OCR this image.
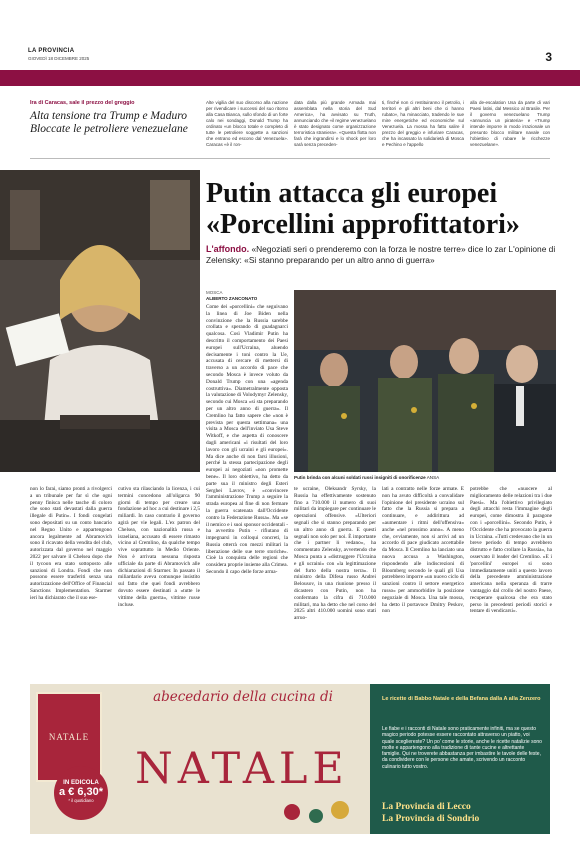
LA PROVINCIA
GIOVEDÌ 18 DICEMBRE 2025	3
Ira di Caracas, sale il prezzo del greggio
Alta tensione tra Trump e Maduro Bloccate le petroliere venezuelane
Alte vigilia del suo discorso alla nazione per rivendicare i successi del suo ritorno alla Casa Bianca, sullo sfondo di un forte calo nei sondaggi, Donald Trump ha ordinato «un blocco totale e completo di tutte le petroliere soggette a sanzioni che entrano ed escono dal Venezuela». Caracas «è il ron-
data dalla più grande Armada mai assemblata nella storia del Sud America», ha avvisato su Truth, annunciando che «il regime venezuelano è stato designato come organizzazione terroristica straniera». «Questa flotta non farà che ingrandirsi e lo shock per loro sarà senza preceden-
ti, finché non ci restituiranno il petrolio, i territori e gli altri beni che ci hanno rubato», ha minacciato, tradendo le sue mire energetiche ed economiche sul Venezuela. La mossa ha fatto salire il prezzo del greggio e infuriare Caracas, che ha incassato la solidarietà di Mosca e Pechino e l'appello
alla de-escalation Usa da parte di vari Paesi latini, dal Messico al Brasile. Per il governo venezuelano Trump «annuncia un pirateria» e «Trump intende imporre in modo irrazionale un presunto blocco militare navale con l'obiettivo di rubare le ricchezze venezuelane».
Putin attacca gli europei «Porcellini approfittatori»
L'affondo. «Negoziati seri o prenderemo con la forza le nostre terre» dice lo zar L'opinione di Zelensky: «Si stanno preparando per un altro anno di guerra»
MOSCA
ALBERTO ZANCONATO
Come dei «porcellini» che seguivano la linea di Joe Biden nella convinzione che la Russia sarebbe crollata e sperando di guadagnarci qualcosa. Così Vladimir Putin ha descritto il comportamento dei Paesi europei sull'Ucraina, aluendo decisamente i toni contro la Ue, accusata di cercare di mettersi di traverso a un accordo di pace che secondo Mosca è invece voluto da Donald Trump con una «agenda costruttiva». Diametralmente opposta la valutazione di Volodymyr Zelensky, secondo cui Mosca «si sta preparando per un altro anno di guerra». Il Cremlino ha fatto sapere che «non è prevista per questa settimana» una visita a Mosca dell'inviato Usa Steve Witkoff, e che aspetta di conoscere dagli americani «i risultati del loro lavoro con gli ucraini e gli europei». Ma dice anche di non farsi illusioni, perché la stessa partecipazione degli europei ai negoziati «non promette bene». Il loro obiettivo, ha detto da parte sua il ministro degli Esteri Serghei Lavrov, è «convincere l'amministrazione Trump a seguire la strada europea al fine di non fermare la guerra scatenata dall'Occidente contro la Federazione Russa». Ma «se il nemico e i suoi sponsor occidentali - ha avvertito Putin - rifiutano di impegnarsi in colloqui concreti, la Russia otterrà con mezzi militari la liberazione delle sue terre storiche». Cioè la conquista delle regioni che considera proprie insieme alla Crimea. Secondo il capo delle forze arma-
Putin brinda con alcuni soldati russi insigniti di onorificenze ANSA
non lo farai, siamo pronti a rivolgerci a un tribunale per far sì che ogni penny finisca nelle tasche di coloro che sono stati devastati dalla guerra illegale di Putin». I fondi congelati sono depositati su un conto bancario nel Regno Unito e appartengono ancora legalmente ad Abramovich sono il ricavato della vendita del club, autorizzata dal governo nel maggio 2022 per salvare il Chelsea dopo che il tycoon era stato sottoposto alle sanzioni di Londra. Fondi che non possono essere trasferiti senza una autorizzazione dell'Office of Financial Sanctions Implementation. Starmer ieri ha dichiarato che il suo ese-
cutivo sta rilasciando la licenza, i cui termini concedono all'oligarca 90 giorni di tempo per creare una fondazione ad hoc a cui destinare i 2,5 miliardi. In caso contrario il governo agirà per vie legali. L'ex patron del Chelsea, con nazionalità russa e israeliana, accusato di essere rimasto vicino al Cremlino, da qualche tempo vive soprattutto in Medio Oriente. Non è arrivata nessuna risposta ufficiale da parte di Abramovich alle dichiarazioni di Starmer. In passato il miliardario aveva comunque insistito sul fatto che quei fondi avrebbero dovuto essere destinati a «tutte le vittime della guerra», vittime russe incluse.
te ucraine, Oleksandr Syrsky, la Russia ha effettivamente sostenuto fino a 710.000 il numero di suoi militari da impiegare per continuare le operazioni offensive. «Ulteriori segnali che si stanno preparando per un altro anno di guerra. E questi segnali non solo per noi. È importante che i partner li vedano», ha commentato Zelensky, avvertendo che Mosca punta a «distruggere l'Ucraina e gli ucraini» con «la legittimazione del furto della nostra terra». Il ministro della Difesa russo Andrei Belousov, in una riunione presso il dicastero con Putin, non ha confermato la cifra di 710.000 militari, ma ha detto che nel corso del 2025 altri 410.000 uomini sono stati arruo-
lati a contratto nelle forze armate. E non ha avuto difficoltà a convalidare l'opinione del presidente ucraino sul fatto che la Russia si prepara a continuare, e addirittura ad «aumentare i ritmi dell'offensiva» anche «nel prossimo anno». A meno che, ovviamente, non si arrivi ad un accordo di pace giudicato accettabile da Mosca. Il Cremlino ha lanciato una nuova accusa a Washington, rispondendo alle indiscrezioni di Bloomberg secondo le quali gli Usa potrebbero imporre «un nuovo ciclo di sanzioni contro il settore energetico russo» per ammorbidire la posizione negoziale di Mosca. Una tale mossa, ha detto il portavoce Dmitry Peskov, non
potrebbe che «nuocere al miglioramento delle relazioni tra i due Paesi». Ma l'obiettivo privilegiato degli attacchi resta l'immagine degli europei, come dimostra il paragone con i «porcellini». Secondo Putin, è l'Occidente che ha provocato la guerra in Ucraina. «Tutti credevano che in un breve periodo di tempo avrebbero distrutto e fatto crollare la Russia», ha osservato il leader del Cremlino. «E i 'porcellini' europei si sono immediatamente uniti a questo lavoro della precedente amministrazione americana nella speranza di trarre vantaggio dal crollo del nostro Paese, recuperare qualcosa che era stato perso in precedenti periodi storici e tentare di vendicarsi».
NATALE
abecedario della cucina di
NATALE
IN EDICOLA
a € 6,30*
* il quotidiano
Le ricette di Babbo Natale e della Befana dalla A alla Zenzero
Le fiabe e i racconti di Natale sono praticamente infiniti, ma se questo magico periodo potesse essere raccontato attraverso un piatto, voi quale scegliereste? Un po' come le storie, anche le ricette natalizie sono molte e appartengono alla tradizione di tante cucine e altrettante famiglie. Qui ne troverete abbastanza per imbastire le tavole delle feste, da condividere con le persone che amate, scrivendo un racconto culinario tutto vostro.
La Provincia di Lecco
La Provincia di Sondrio
